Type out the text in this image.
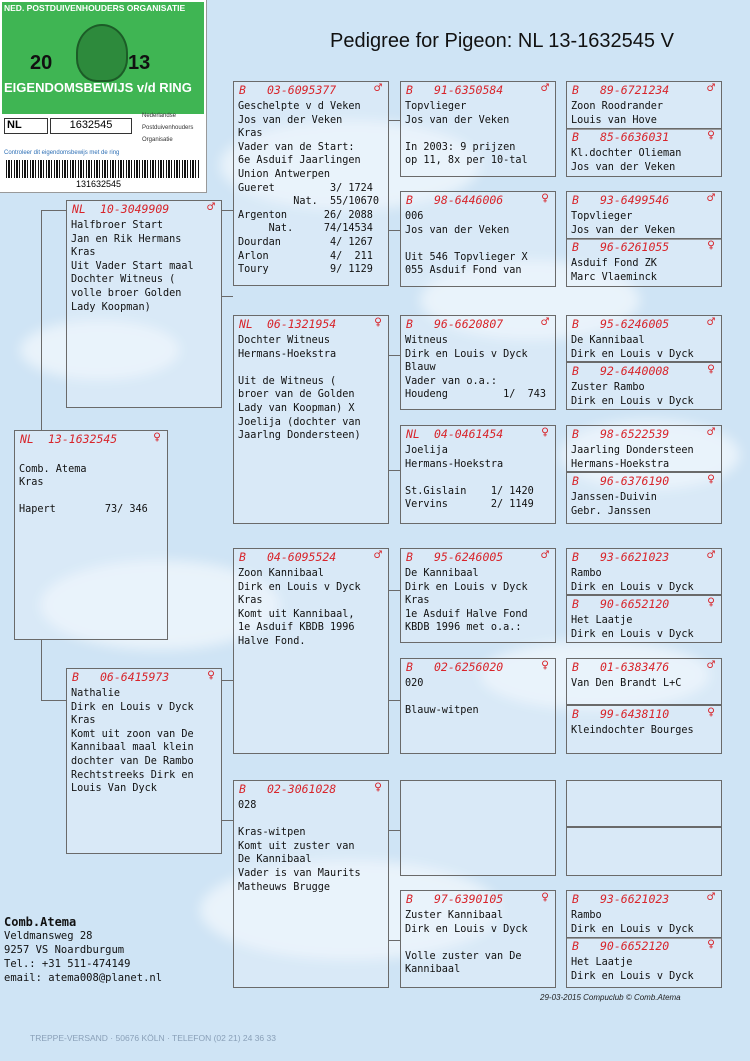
NED. POSTDUIVENHOUDERS ORGANISATIE
20	13
EIGENDOMSBEWIJS v/d RING
NL	1632545
Nederlandse
Postduivenhouders
Organisatie
Controleer dit eigendomsbewijs met de ring
131632545
Pedigree for Pigeon: NL 13-1632545 V
NL 13-1632545	♀

Comb. Atema
Kras

Hapert        73/ 346
NL 10-3049909	♂
Halfbroer Start
Jan en Rik Hermans
Kras
Uit Vader Start maal
Dochter Witneus (
volle broer Golden
Lady Koopman)
B 06-6415973	♀
Nathalie
Dirk en Louis v Dyck
Kras
Komt uit zoon van De
Kannibaal maal klein
dochter van De Rambo
Rechtstreeks Dirk en
Louis Van Dyck
B 03-6095377	♂
Geschelpte v d Veken
Jos van der Veken
Kras
Vader van de Start:
6e Asduif Jaarlingen
Union Antwerpen
Gueret         3/ 1724
Nat.  55/10670
Argenton      26/ 2088
Nat.     74/14534
Dourdan        4/ 1267
Arlon          4/  211
Toury          9/ 1129
NL 06-1321954	♀
Dochter Witneus
Hermans-Hoekstra

Uit de Witneus (
broer van de Golden
Lady van Koopman) X
Joelija (dochter van
Jaarlng Dondersteen)
B 04-6095524	♂
Zoon Kannibaal
Dirk en Louis v Dyck
Kras
Komt uit Kannibaal,
1e Asduif KBDB 1996
Halve Fond.
B 02-3061028	♀
028

Kras-witpen
Komt uit zuster van
De Kannibaal
Vader is van Maurits
Matheuws Brugge
B 91-6350584	♂
Topvlieger
Jos van der Veken

In 2003: 9 prijzen
op 11, 8x per 10-tal
B 98-6446006	♀
006
Jos van der Veken

Uit 546 Topvlieger X
055 Asduif Fond van
B 96-6620807	♂
Witneus
Dirk en Louis v Dyck
Blauw
Vader van o.a.:
Houdeng         1/  743
NL 04-0461454	♀
Joelija
Hermans-Hoekstra

St.Gislain    1/ 1420
Vervins       2/ 1149
B 95-6246005	♂
De Kannibaal
Dirk en Louis v Dyck
Kras
1e Asduif Halve Fond
KBDB 1996 met o.a.:
B 02-6256020	♀
020

Blauw-witpen
B 97-6390105	♀
Zuster Kannibaal
Dirk en Louis v Dyck

Volle zuster van De
Kannibaal
B 89-6721234	♂
Zoon Roodrander
Louis van Hove
B 85-6636031	♀
Kl.dochter Olieman
Jos van der Veken
B 93-6499546	♂
Topvlieger
Jos van der Veken
B 96-6261055	♀
Asduif Fond ZK
Marc Vlaeminck
B 95-6246005	♂
De Kannibaal
Dirk en Louis v Dyck
B 92-6440008	♀
Zuster Rambo
Dirk en Louis v Dyck
B 98-6522539	♂
Jaarling Dondersteen
Hermans-Hoekstra
B 96-6376190	♀
Janssen-Duivin
Gebr. Janssen
B 93-6621023	♂
Rambo
Dirk en Louis v Dyck
B 90-6652120	♀
Het Laatje
Dirk en Louis v Dyck
B 01-6383476	♂
Van Den Brandt L+C
B 99-6438110	♀
Kleindochter Bourges
B 93-6621023	♂
Rambo
Dirk en Louis v Dyck
B 90-6652120	♀
Het Laatje
Dirk en Louis v Dyck
Comb.Atema
Veldmansweg 28
9257 VS Noardburgum
Tel.: +31 511-474149
email: atema008@planet.nl
29-03-2015 Compuclub © Comb.Atema
TREPPE-VERSAND · 50676 KÖLN · TELEFON (02 21) 24 36 33
